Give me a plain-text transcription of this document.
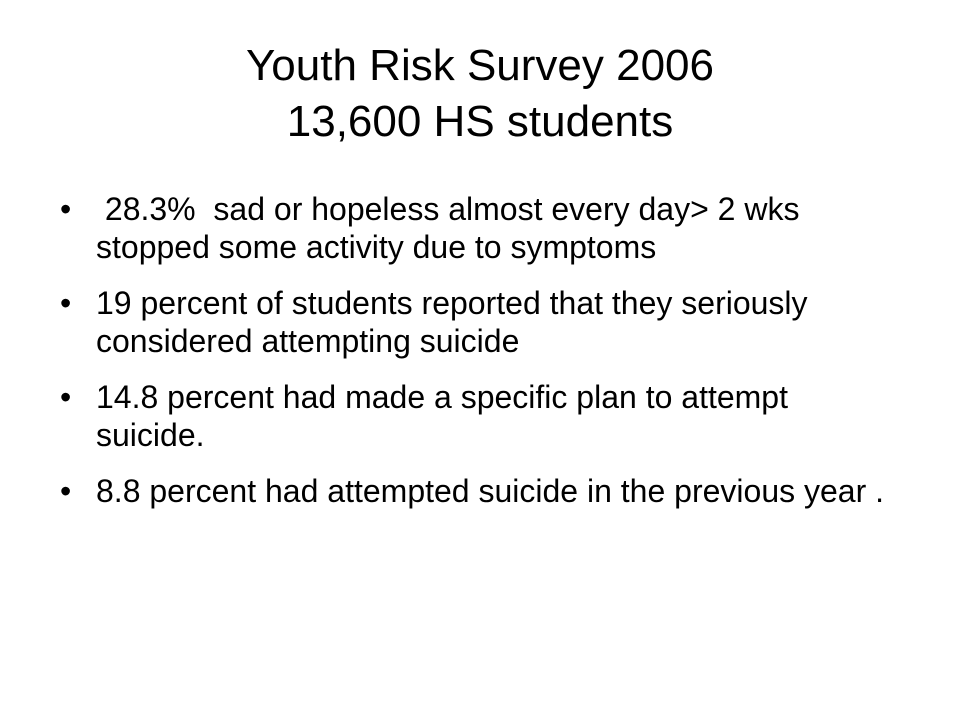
Youth Risk Survey 2006
13,600 HS students
• 28.3%  sad or hopeless almost every day> 2 wks stopped some activity due to symptoms
• 19 percent of students reported that they seriously considered attempting suicide
• 14.8 percent had made a specific plan to attempt suicide.
• 8.8 percent had attempted suicide in the previous year .
